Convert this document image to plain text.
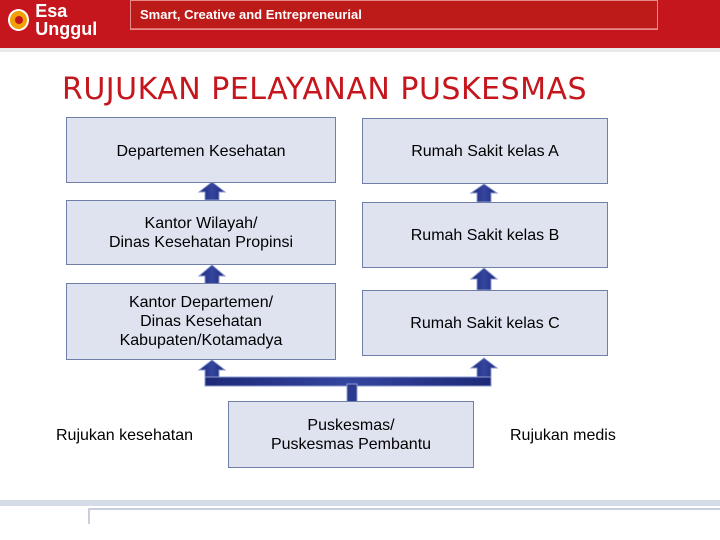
Esa Unggul
Smart, Creative and Entrepreneurial
RUJUKAN PELAYANAN PUSKESMAS
Departemen Kesehatan
Kantor Wilayah/
Dinas Kesehatan Propinsi
Kantor Departemen/
Dinas Kesehatan
Kabupaten/Kotamadya
Rumah Sakit kelas A
Rumah Sakit kelas B
Rumah Sakit kelas C
Puskesmas/
Puskesmas Pembantu
Rujukan kesehatan	Rujukan medis
